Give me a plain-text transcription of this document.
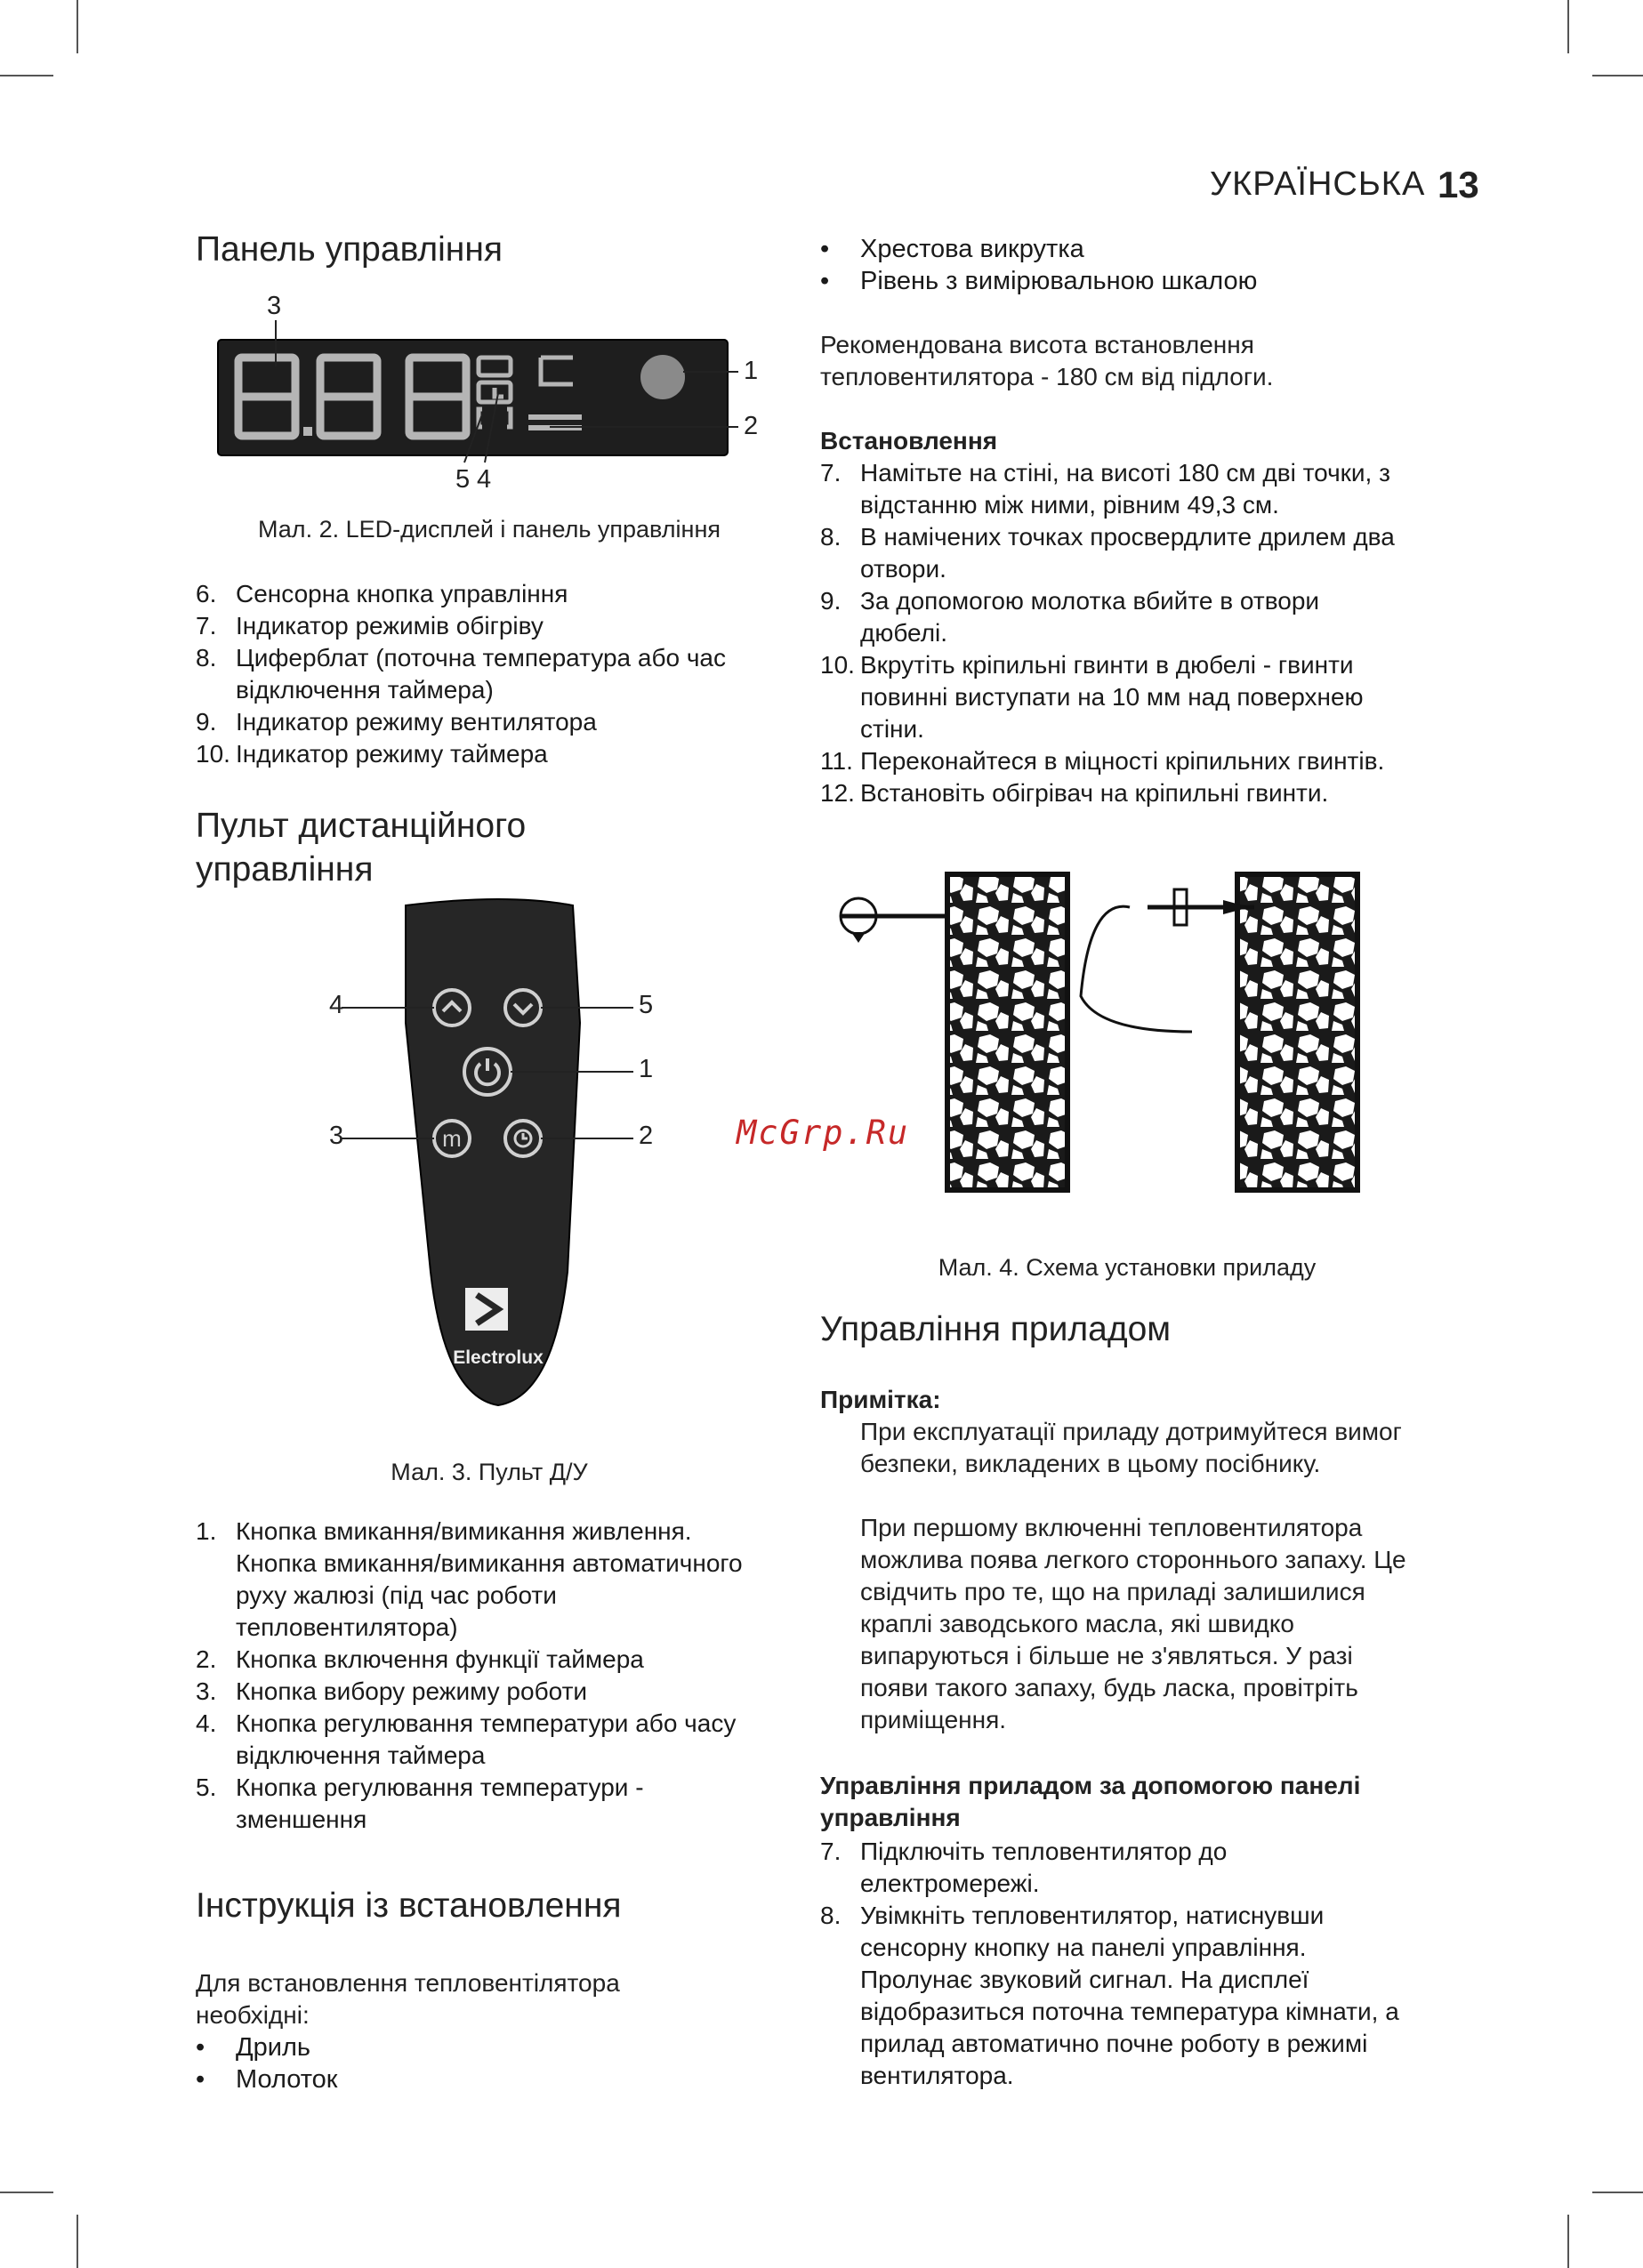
УКРАЇНСЬКА 13
Панель управління
3
1
2
5 4
Мал. 2. LED-дисплей і панель управління
6. Сенсорна кнопка управління
7. Індикатор режимів обігріву
8. Циферблат (поточна температура або час відключення таймера)
9. Індикатор режиму вентилятора
10. Індикатор режиму таймера
Пульт дистанційного
управління
m
Electrolux
4	5
1
3	2
Мал. 3. Пульт Д/У
1. Кнопка вмикання/вимикання живлення. Кнопка вмикання/вимикання автоматичного руху жалюзі (під час роботи тепловентилятора)
2. Кнопка включення функції таймера
3. Кнопка вибору режиму роботи
4. Кнопка регулювання температури або часу відключення таймера
5. Кнопка регулювання температури - зменшення
Інструкція із встановлення
Для встановлення тепловентілятора необхідні:
•	Дриль
•	Молоток
•	Хрестова викрутка
•	Рівень з вимірювальною шкалою
Рекомендована висота встановлення тепловентилятора - 180 см від підлоги.
Встановлення
7. Намітьте на стіні, на висоті 180 см дві точки, з відстанню між ними, рівним 49,3 см.
8. В намічених точках просвердлите дрилем два отвори.
9. За допомогою молотка вбийте в отвори дюбелі.
10. Вкрутіть кріпильні гвинти в дюбелі - гвинти повинні виступати на 10 мм над поверхнею стіни.
11. Переконайтеся в міцності кріпильних гвинтів.
12. Встановіть обігрівач на кріпильні гвинти.
Мал. 4. Схема установки приладу
Управління приладом
Примітка:
При експлуатації приладу дотримуйтеся вимог безпеки, викладених в цьому посібнику.
При першому включенні тепловентилятора можлива поява легкого стороннього запаху. Це свідчить про те, що на приладі залишилися краплі заводського масла, які швидко випаруються і більше не з'являться. У разі появи такого запаху, будь ласка, провітріть приміщення.
Управління приладом за допомогою панелі управління
7. Підключіть тепловентилятор до електромережі.
8. Увімкніть тепловентилятор, натиснувши сенсорну кнопку на панелі управління. Пролунає звуковий сигнал. На дисплеї відобразиться поточна температура кімнати, а прилад автоматично почне роботу в режимі вентилятора.
McGrp.Ru
